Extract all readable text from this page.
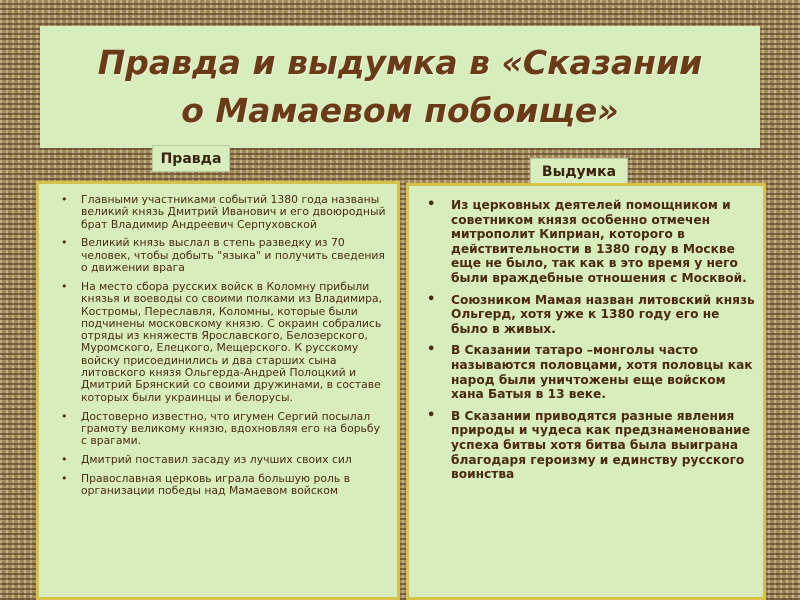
Правда и выдумка в «Сказании
о Мамаевом побоище»
Правда
Выдумка
• Главными участниками событий 1380 года названы великий князь Дмитрий Иванович и его двоюродный брат Владимир Андреевич Серпуховской
• Великий князь выслал в степь разведку из 70 человек, чтобы добыть "языка" и получить сведения о движении врага
• На место сбора русских войск в Коломну прибыли князья и воеводы со своими полками из Владимира, Костромы, Переславля, Коломны, которые были подчинены московскому князю. С окраин собрались отряды из княжеств Ярославского, Белозерского, Муромского, Елецкого, Мещерского. К русскому войску присоединились и два старших сына литовского князя Ольгерда-Андрей Полоцкий и Дмитрий Брянский со своими дружинами, в составе которых были украинцы и белорусы.
• Достоверно известно, что игумен Сергий посылал грамоту великому князю, вдохновляя его на борьбу с врагами.
• Дмитрий поставил засаду из лучших своих сил
• Православная церковь играла большую роль в организации победы над Мамаевом войском
• Из церковных деятелей помощником и советником князя особенно отмечен митрополит Киприан, которого в действительности в 1380 году в Москве еще не было, так как в это время у него были враждебные отношения с Москвой.
• Союзником Мамая назван литовский князь Ольгерд, хотя уже к 1380 году его не было в живых.
• В Сказании татаро –монголы часто называются половцами, хотя половцы как народ были уничтожены еще войском хана Батыя в 13 веке.
• В Сказании приводятся разные явления природы и чудеса как предзнаменование успеха битвы хотя битва была выиграна благодаря героизму и единству русского воинства
